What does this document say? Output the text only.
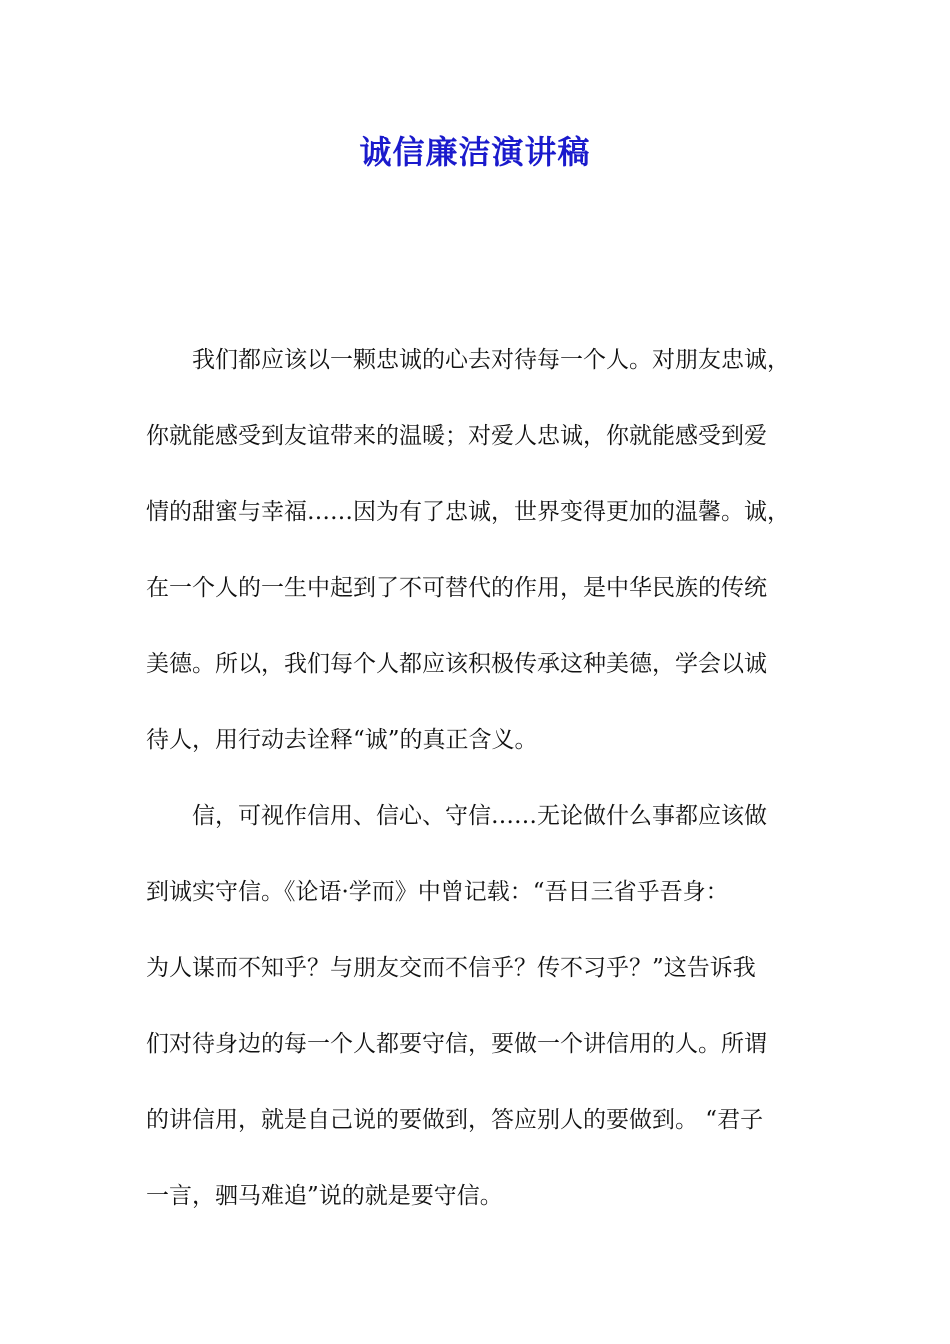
诚信廉洁演讲稿
我们都应该以一颗忠诚的心去对待每一个人。对朋友忠诚，
你就能感受到友谊带来的温暖；对爱人忠诚，你就能感受到爱
情的甜蜜与幸福……因为有了忠诚，世界变得更加的温馨。诚，
在一个人的一生中起到了不可替代的作用，是中华民族的传统
美德。所以，我们每个人都应该积极传承这种美德，学会以诚
待人，用行动去诠释“诚”的真正含义。
信，可视作信用、信心、守信……无论做什么事都应该做
到诚实守信。《论语·学而》中曾记载：“吾日三省乎吾身：
为人谋而不知乎？与朋友交而不信乎？传不习乎？”这告诉我
们对待身边的每一个人都要守信，要做一个讲信用的人。所谓
的讲信用，就是自己说的要做到，答应别人的要做到。 “君子
一言，驷马难追”说的就是要守信。
